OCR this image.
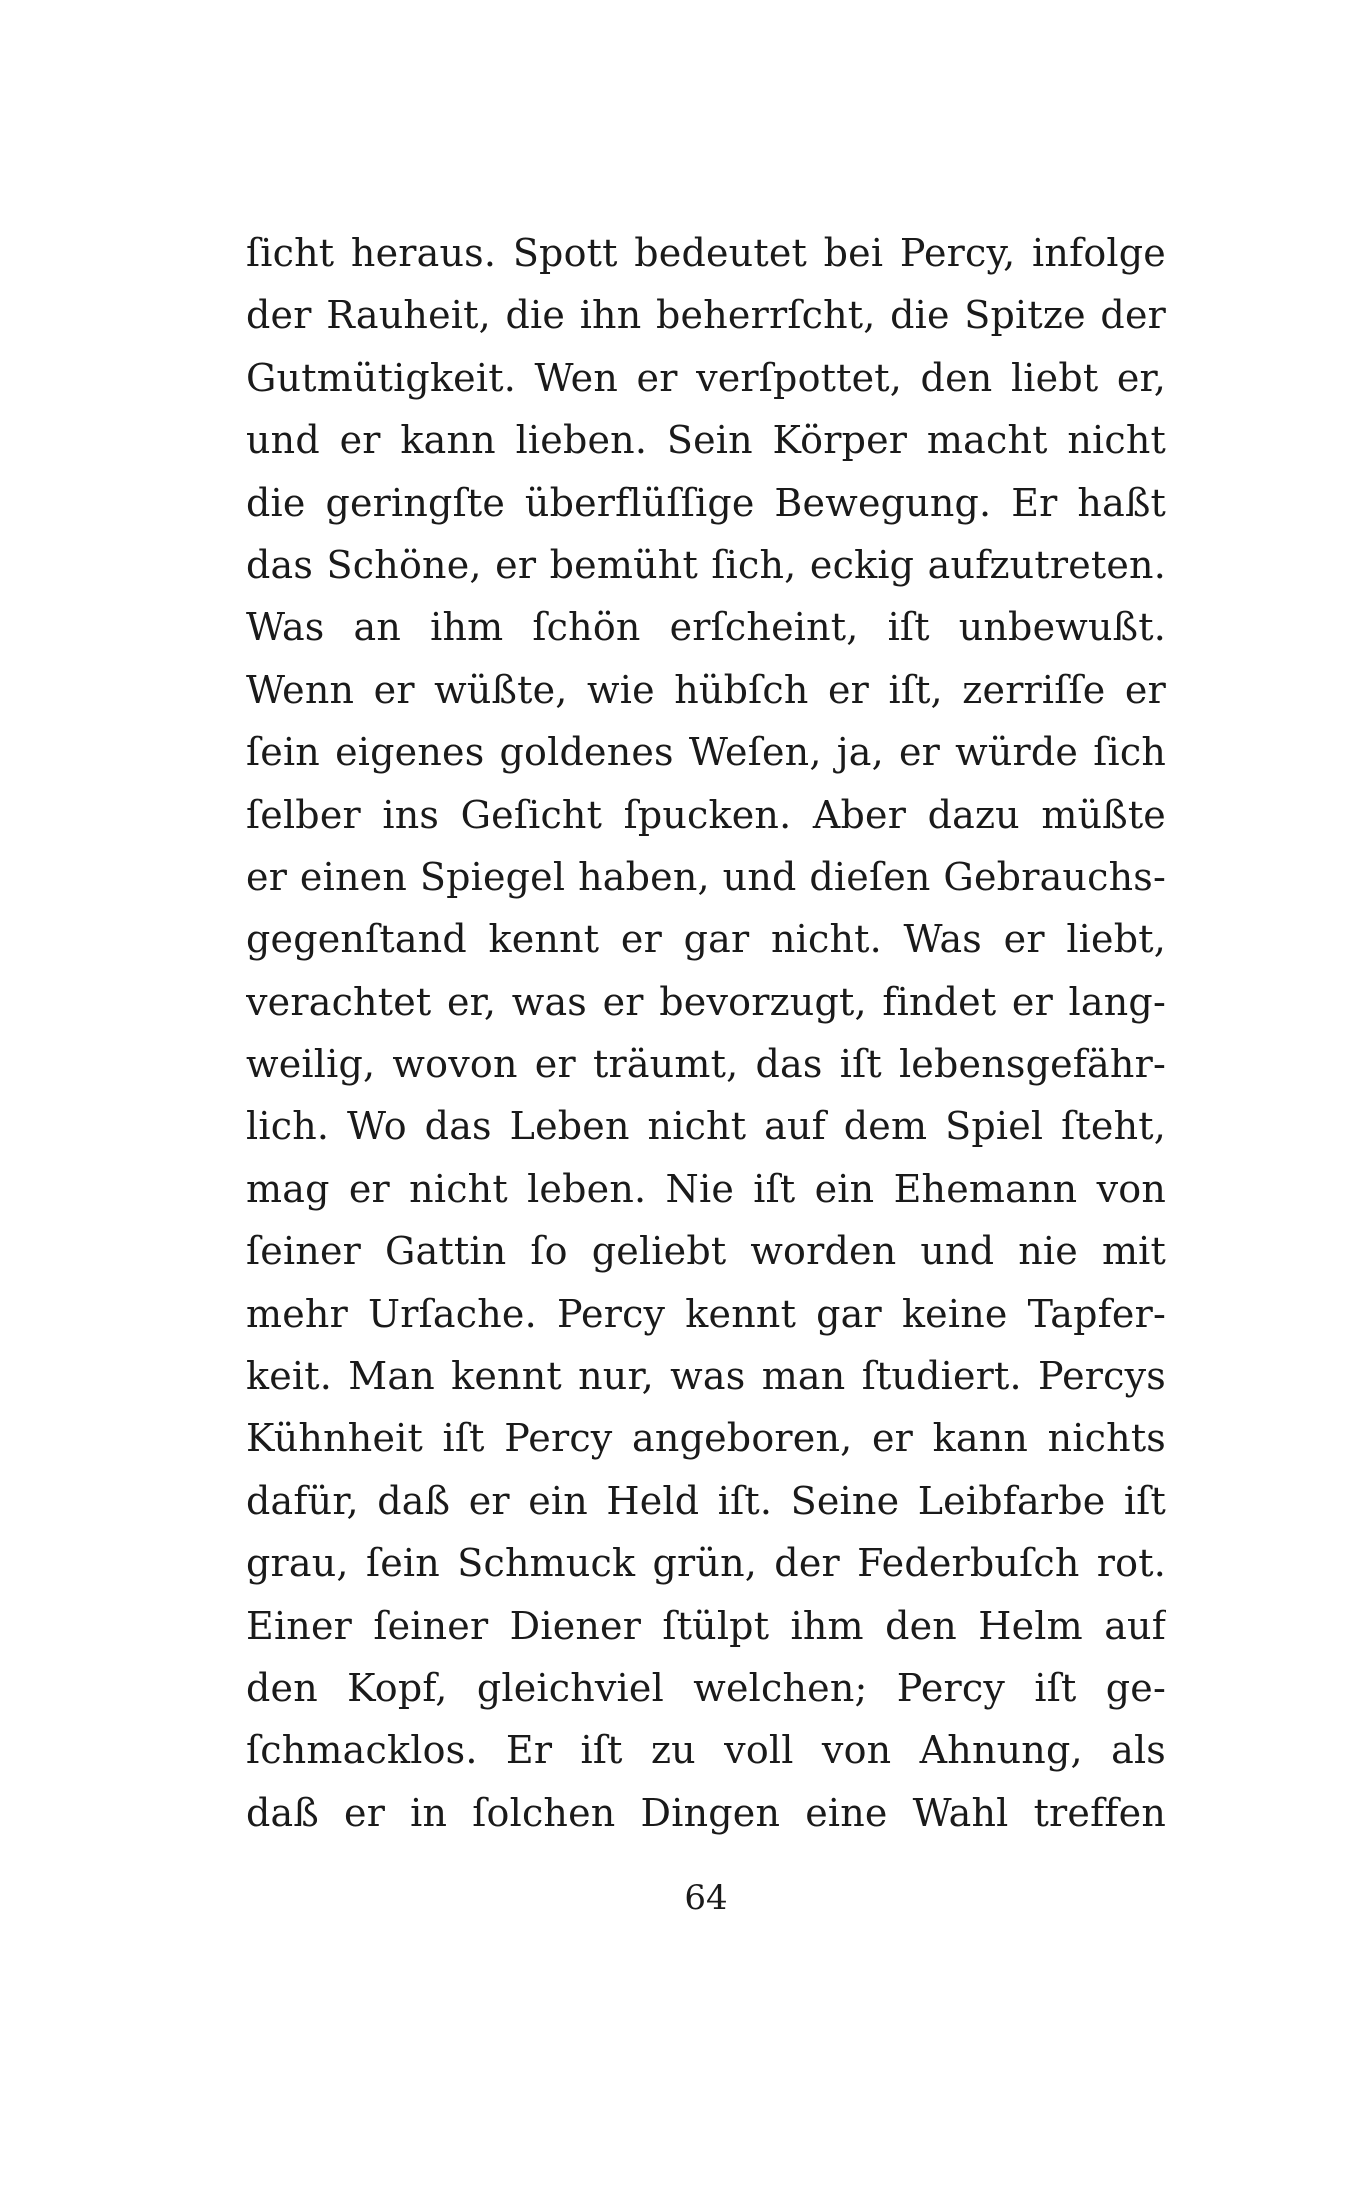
ſicht heraus. Spott bedeutet bei Percy, infolge
der Rauheit, die ihn beherrſcht, die Spitze der
Gutmütigkeit. Wen er verſpottet, den liebt er,
und er kann lieben. Sein Körper macht nicht
die geringſte überflüſſige Bewegung. Er haßt
das Schöne, er bemüht ſich, eckig aufzutreten.
Was an ihm ſchön erſcheint, iſt unbewußt.
Wenn er wüßte, wie hübſch er iſt, zerriſſe er
ſein eigenes goldenes Weſen, ja, er würde ſich
ſelber ins Geſicht ſpucken. Aber dazu müßte
er einen Spiegel haben, und dieſen Gebrauchs-
gegenſtand kennt er gar nicht. Was er liebt,
verachtet er, was er bevorzugt, findet er lang-
weilig, wovon er träumt, das iſt lebensgefähr-
lich. Wo das Leben nicht auf dem Spiel ſteht,
mag er nicht leben. Nie iſt ein Ehemann von
ſeiner Gattin ſo geliebt worden und nie mit
mehr Urſache. Percy kennt gar keine Tapfer-
keit. Man kennt nur, was man ſtudiert. Percys
Kühnheit iſt Percy angeboren, er kann nichts
dafür, daß er ein Held iſt. Seine Leibfarbe iſt
grau, ſein Schmuck grün, der Federbuſch rot.
Einer ſeiner Diener ſtülpt ihm den Helm auf
den Kopf, gleichviel welchen; Percy iſt ge-
ſchmacklos. Er iſt zu voll von Ahnung, als
daß er in ſolchen Dingen eine Wahl treffen
64
